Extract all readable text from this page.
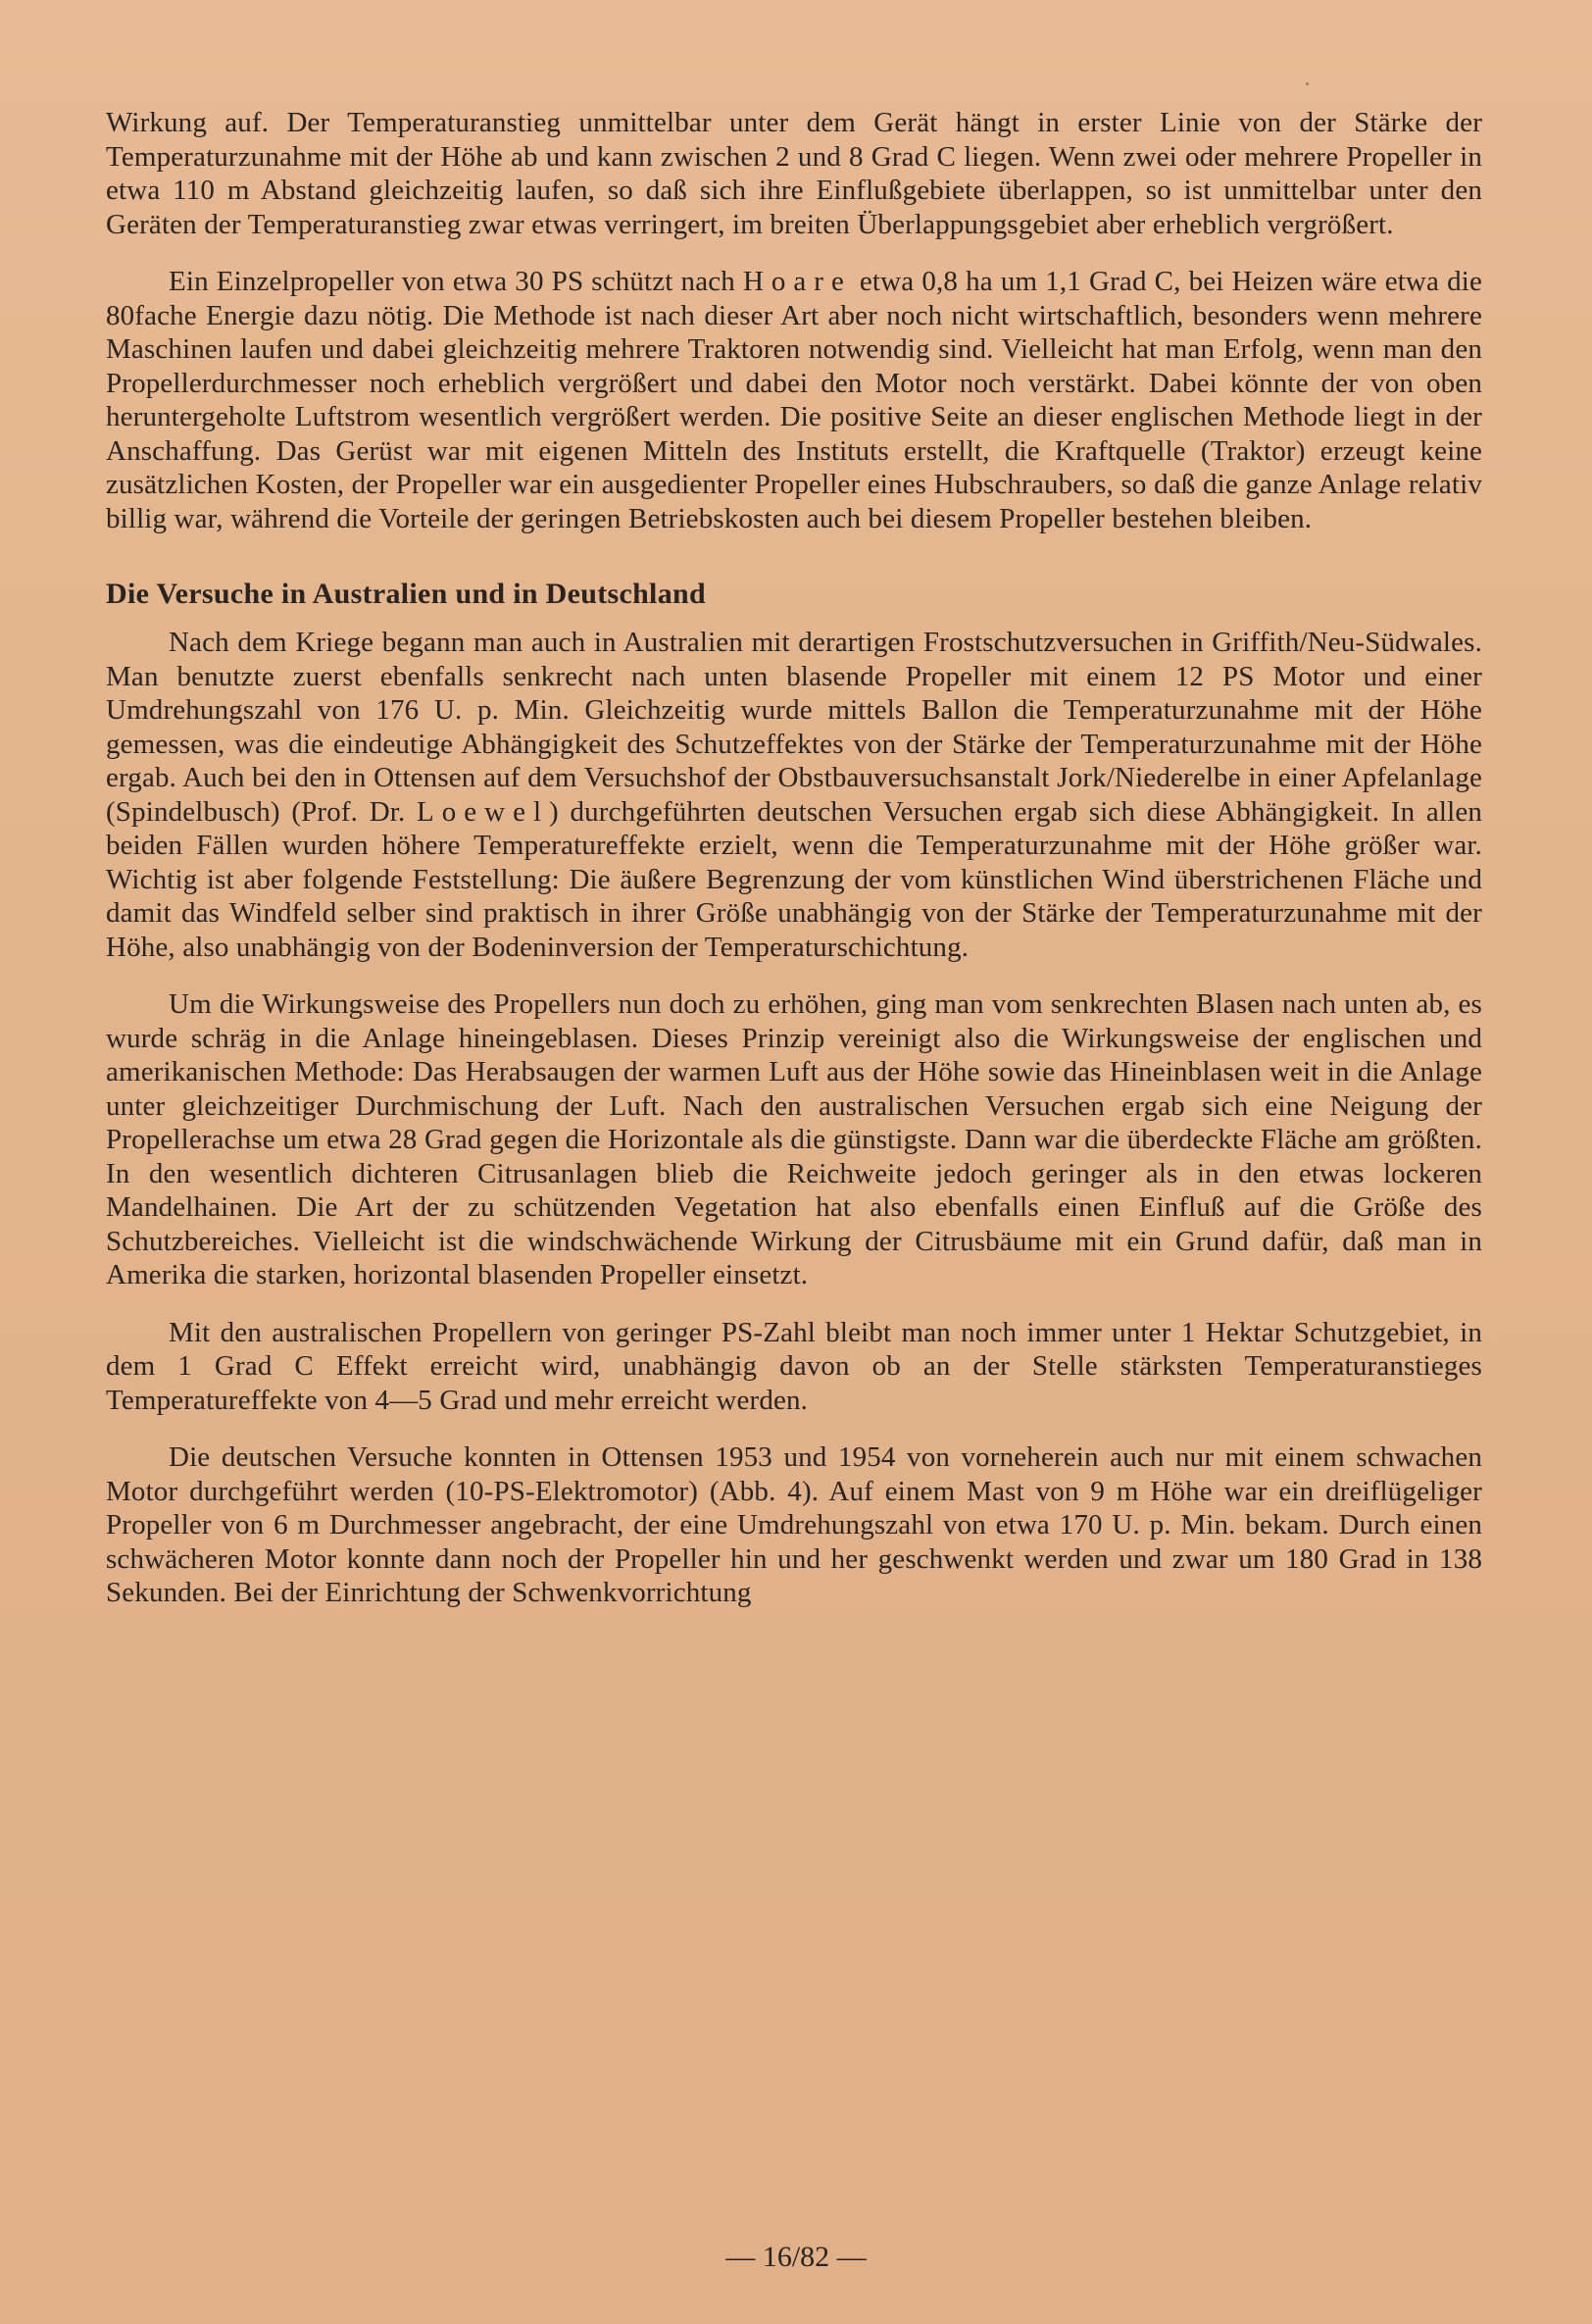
Wirkung auf. Der Temperaturanstieg unmittelbar unter dem Gerät hängt in erster Linie von der Stärke der Temperaturzunahme mit der Höhe ab und kann zwischen 2 und 8 Grad C liegen. Wenn zwei oder mehrere Propeller in etwa 110 m Abstand gleichzeitig laufen, so daß sich ihre Einflußgebiete überlappen, so ist unmittelbar unter den Geräten der Temperaturanstieg zwar etwas verringert, im breiten Überlappungsgebiet aber erheblich vergrößert.

Ein Einzelpropeller von etwa 30 PS schützt nach Hoare etwa 0,8 ha um 1,1 Grad C, bei Heizen wäre etwa die 80fache Energie dazu nötig. Die Methode ist nach dieser Art aber noch nicht wirtschaftlich, besonders wenn mehrere Maschinen laufen und dabei gleichzeitig mehrere Traktoren notwendig sind. Vielleicht hat man Erfolg, wenn man den Propellerdurchmesser noch erheblich vergrößert und dabei den Motor noch verstärkt. Dabei könnte der von oben heruntergeholte Luftstrom wesentlich vergrößert werden. Die positive Seite an dieser englischen Methode liegt in der Anschaffung. Das Gerüst war mit eigenen Mitteln des Instituts erstellt, die Kraftquelle (Traktor) erzeugt keine zusätzlichen Kosten, der Propeller war ein ausgedienter Propeller eines Hubschraubers, so daß die ganze Anlage relativ billig war, während die Vorteile der geringen Betriebskosten auch bei diesem Propeller bestehen bleiben.

Die Versuche in Australien und in Deutschland

Nach dem Kriege begann man auch in Australien mit derartigen Frostschutzversuchen in Griffith/Neu-Südwales. Man benutzte zuerst ebenfalls senkrecht nach unten blasende Propeller mit einem 12 PS Motor und einer Umdrehungszahl von 176 U. p. Min. Gleichzeitig wurde mittels Ballon die Temperaturzunahme mit der Höhe gemessen, was die eindeutige Abhängigkeit des Schutzeffektes von der Stärke der Temperaturzunahme mit der Höhe ergab. Auch bei den in Ottensen auf dem Versuchshof der Obstbauversuchsanstalt Jork/Niederelbe in einer Apfelanlage (Spindelbusch) (Prof. Dr. Loewel) durchgeführten deutschen Versuchen ergab sich diese Abhängigkeit. In allen beiden Fällen wurden höhere Temperatureffekte erzielt, wenn die Temperaturzunahme mit der Höhe größer war. Wichtig ist aber folgende Feststellung: Die äußere Begrenzung der vom künstlichen Wind überstrichenen Fläche und damit das Windfeld selber sind praktisch in ihrer Größe unabhängig von der Stärke der Temperaturzunahme mit der Höhe, also unabhängig von der Bodeninversion der Temperaturschichtung.

Um die Wirkungsweise des Propellers nun doch zu erhöhen, ging man vom senkrechten Blasen nach unten ab, es wurde schräg in die Anlage hineingeblasen. Dieses Prinzip vereinigt also die Wirkungsweise der englischen und amerikanischen Methode: Das Herabsaugen der warmen Luft aus der Höhe sowie das Hineinblasen weit in die Anlage unter gleichzeitiger Durchmischung der Luft. Nach den australischen Versuchen ergab sich eine Neigung der Propellerachse um etwa 28 Grad gegen die Horizontale als die günstigste. Dann war die überdeckte Fläche am größten. In den wesentlich dichteren Citrusanlagen blieb die Reichweite jedoch geringer als in den etwas lockeren Mandelhainen. Die Art der zu schützenden Vegetation hat also ebenfalls einen Einfluß auf die Größe des Schutzbereiches. Vielleicht ist die windschwächende Wirkung der Citrusbäume mit ein Grund dafür, daß man in Amerika die starken, horizontal blasenden Propeller einsetzt.

Mit den australischen Propellern von geringer PS-Zahl bleibt man noch immer unter 1 Hektar Schutzgebiet, in dem 1 Grad C Effekt erreicht wird, unabhängig davon ob an der Stelle stärksten Temperaturanstieges Temperatureffekte von 4—5 Grad und mehr erreicht werden.

Die deutschen Versuche konnten in Ottensen 1953 und 1954 von vorneherein auch nur mit einem schwachen Motor durchgeführt werden (10-PS-Elektromotor) (Abb. 4). Auf einem Mast von 9 m Höhe war ein dreiflügeliger Propeller von 6 m Durchmesser angebracht, der eine Umdrehungszahl von etwa 170 U. p. Min. bekam. Durch einen schwächeren Motor konnte dann noch der Propeller hin und her geschwenkt werden und zwar um 180 Grad in 138 Sekunden. Bei der Einrichtung der Schwenkvorrichtung

— 16/82 —
